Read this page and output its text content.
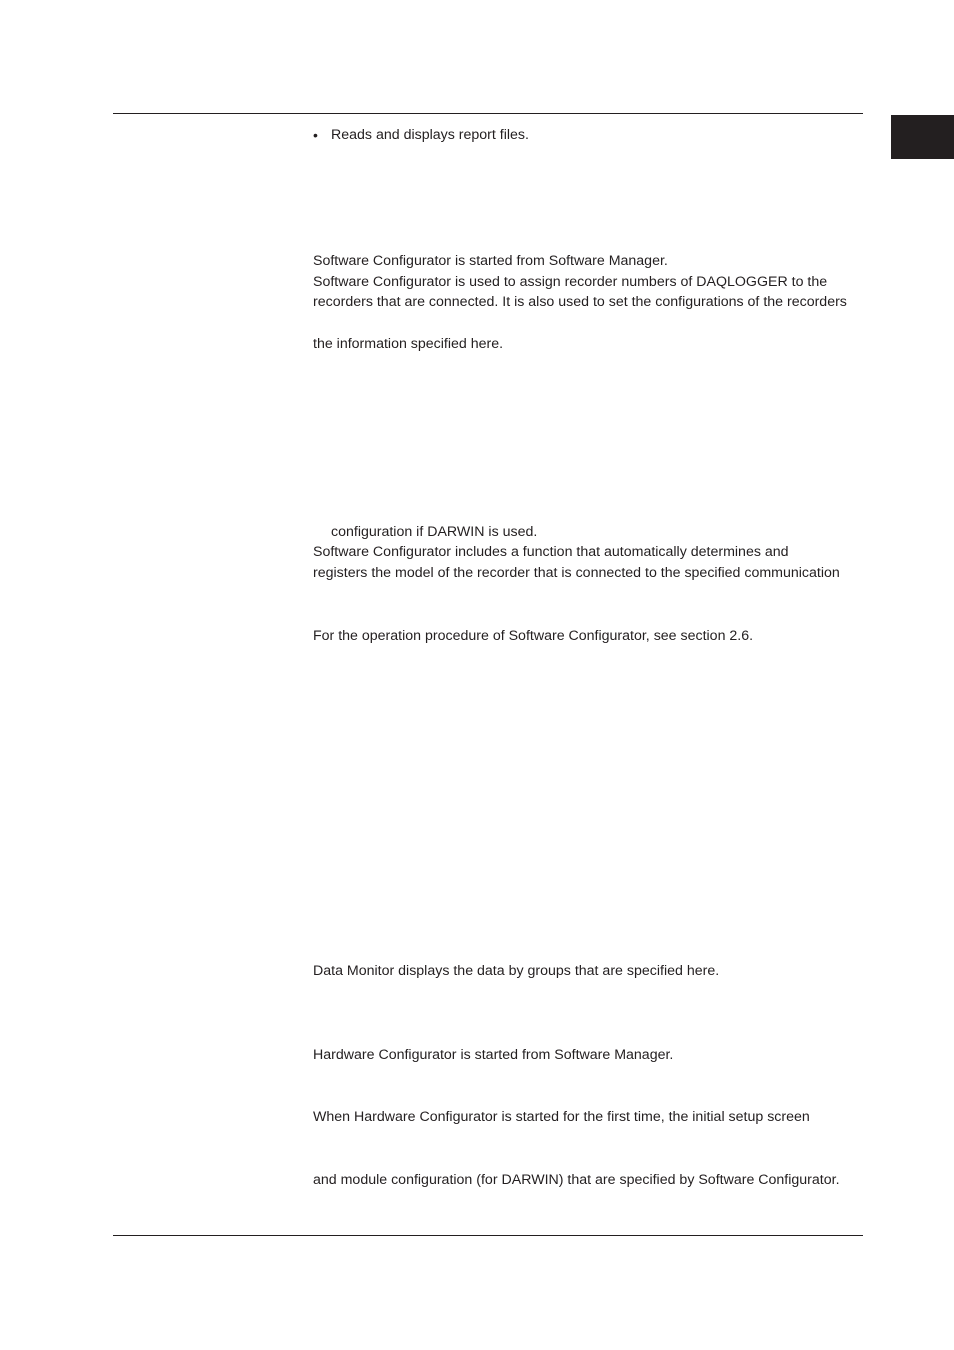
• Reads and displays report files.
Software Configurator is started from Software Manager.
Software Configurator is used to assign recorder numbers of DAQLOGGER to the
recorders that are connected. It is also used to set the configurations of the recorders
the information specified here.
configuration if DARWIN is used.
Software Configurator includes a function that automatically determines and
registers the model of the recorder that is connected to the specified communication
For the operation procedure of Software Configurator, see section 2.6.
Data Monitor displays the data by groups that are specified here.
Hardware Configurator is started from Software Manager.
When Hardware Configurator is started for the first time, the initial setup screen
and module configuration (for DARWIN) that are specified by Software Configurator.
